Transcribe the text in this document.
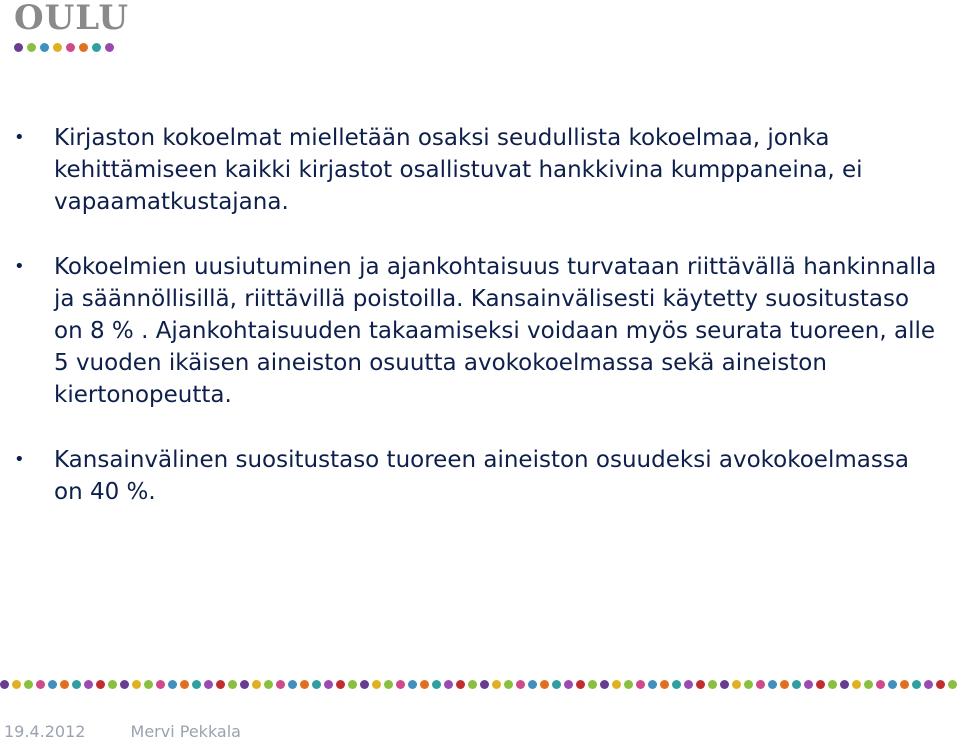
OULU
•	Kirjaston kokoelmat mielletään osaksi seudullista kokoelmaa, jonka kehittämiseen kaikki kirjastot osallistuvat hankkivina kumppaneina, ei vapaamatkustajana.
•	Kokoelmien uusiutuminen ja ajankohtaisuus turvataan riittävällä hankinnalla ja säännöllisillä, riittävillä poistoilla. Kansainvälisesti käytetty suositustaso on 8 % . Ajankohtaisuuden takaamiseksi voidaan myös seurata tuoreen, alle 5 vuoden ikäisen aineiston osuutta avokokoelmassa sekä aineiston kiertonopeutta.
•	Kansainvälinen suositustaso tuoreen aineiston osuudeksi avokokoelmassa on 40 %.
19.4.2012	Mervi Pekkala
